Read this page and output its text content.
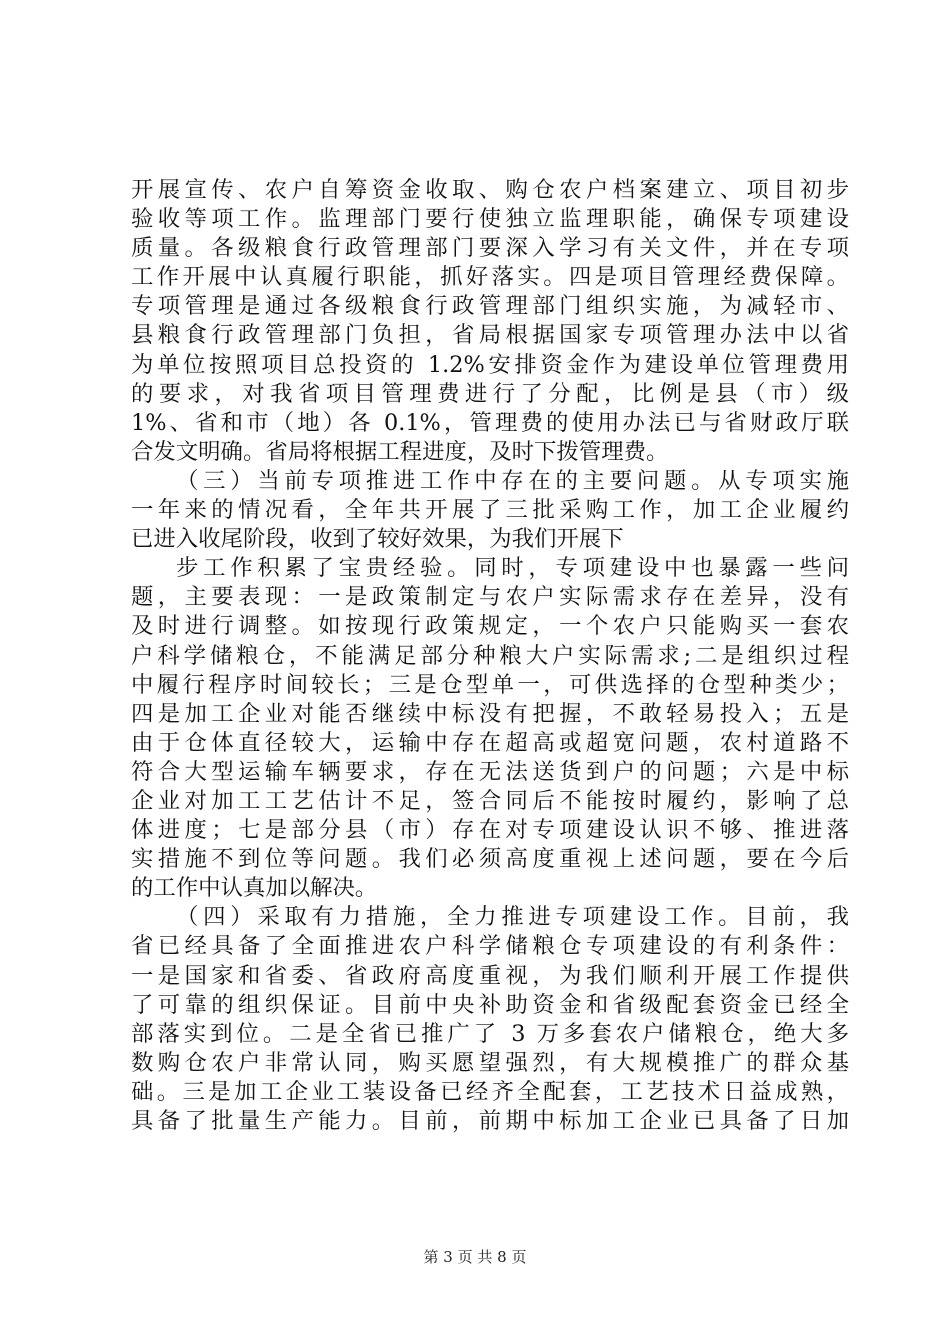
开展宣传、农户自筹资金收取、购仓农户档案建立、项目初步
验收等项工作。监理部门要行使独立监理职能，确保专项建设
质量。各级粮食行政管理部门要深入学习有关文件，并在专项
工作开展中认真履行职能，抓好落实。四是项目管理经费保障。
专项管理是通过各级粮食行政管理部门组织实施，为减轻市、
县粮食行政管理部门负担，省局根据国家专项管理办法中以省
为单位按照项目总投资的 1.2%安排资金作为建设单位管理费用
的要求，对我省项目管理费进行了分配，比例是县（市）级
1%、省和市（地）各 0.1%，管理费的使用办法已与省财政厅联
合发文明确。省局将根据工程进度，及时下拨管理费。
（三）当前专项推进工作中存在的主要问题。从专项实施
一年来的情况看，全年共开展了三批采购工作，加工企业履约
已进入收尾阶段，收到了较好效果，为我们开展下
步工作积累了宝贵经验。同时，专项建设中也暴露一些问
题，主要表现：一是政策制定与农户实际需求存在差异，没有
及时进行调整。如按现行政策规定，一个农户只能购买一套农
户科学储粮仓，不能满足部分种粮大户实际需求;二是组织过程
中履行程序时间较长；三是仓型单一，可供选择的仓型种类少；
四是加工企业对能否继续中标没有把握，不敢轻易投入；五是
由于仓体直径较大，运输中存在超高或超宽问题，农村道路不
符合大型运输车辆要求，存在无法送货到户的问题；六是中标
企业对加工工艺估计不足，签合同后不能按时履约，影响了总
体进度；七是部分县（市）存在对专项建设认识不够、推进落
实措施不到位等问题。我们必须高度重视上述问题，要在今后
的工作中认真加以解决。
（四）采取有力措施，全力推进专项建设工作。目前，我
省已经具备了全面推进农户科学储粮仓专项建设的有利条件：
一是国家和省委、省政府高度重视，为我们顺利开展工作提供
了可靠的组织保证。目前中央补助资金和省级配套资金已经全
部落实到位。二是全省已推广了 3 万多套农户储粮仓，绝大多
数购仓农户非常认同，购买愿望强烈，有大规模推广的群众基
础。三是加工企业工装设备已经齐全配套，工艺技术日益成熟，
具备了批量生产能力。目前，前期中标加工企业已具备了日加
第 3 页 共 8 页
